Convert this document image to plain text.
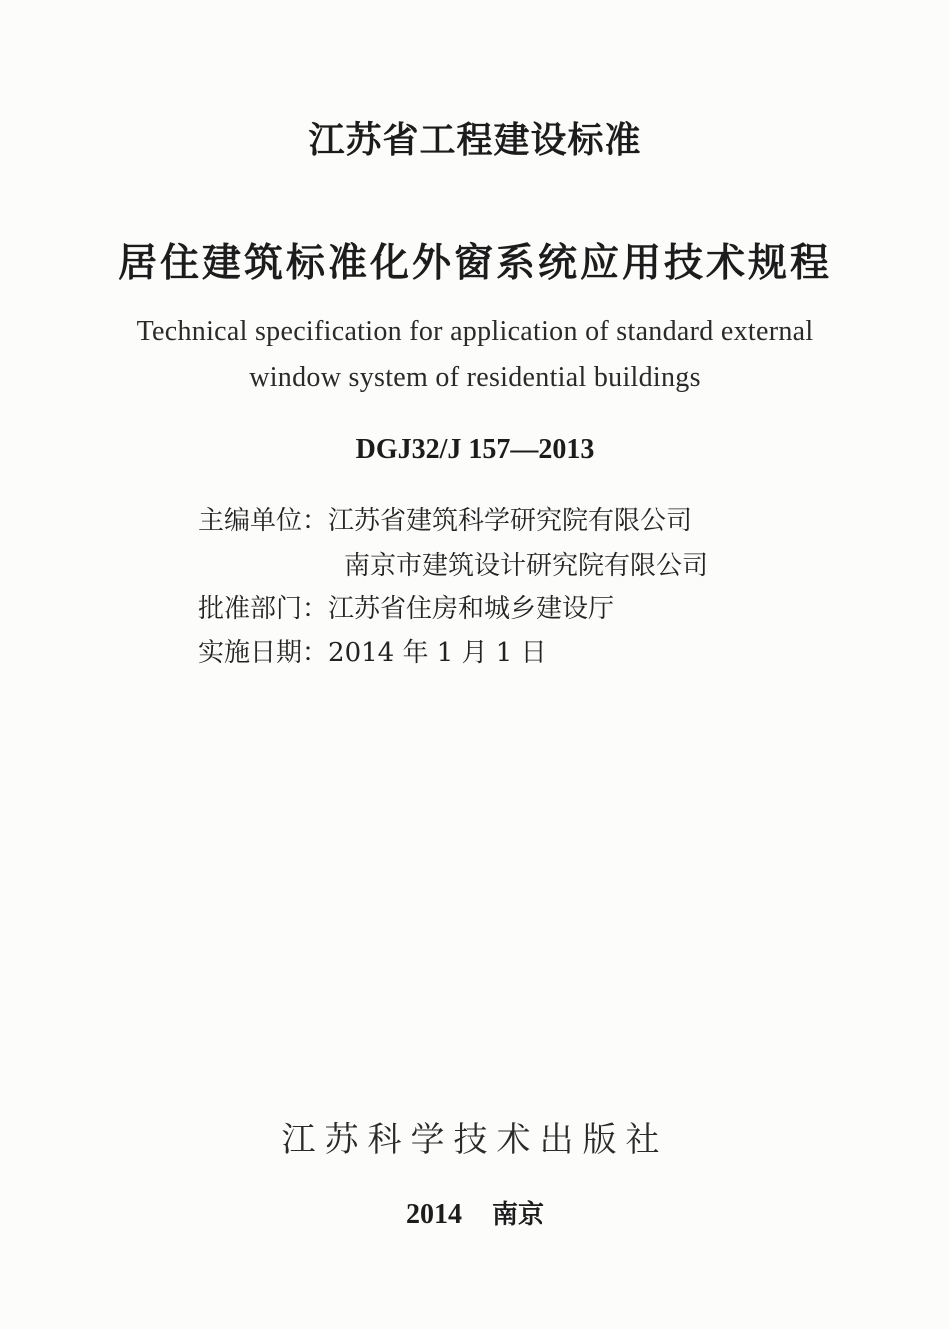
江苏省工程建设标准
居住建筑标准化外窗系统应用技术规程
Technical specification for application of standard external
window system of residential buildings
DGJ32/J 157—2013
主编单位：江苏省建筑科学研究院有限公司
南京市建筑设计研究院有限公司
批准部门：江苏省住房和城乡建设厅
实施日期：2014 年 1 月 1 日
江苏科学技术出版社
2014 南京
